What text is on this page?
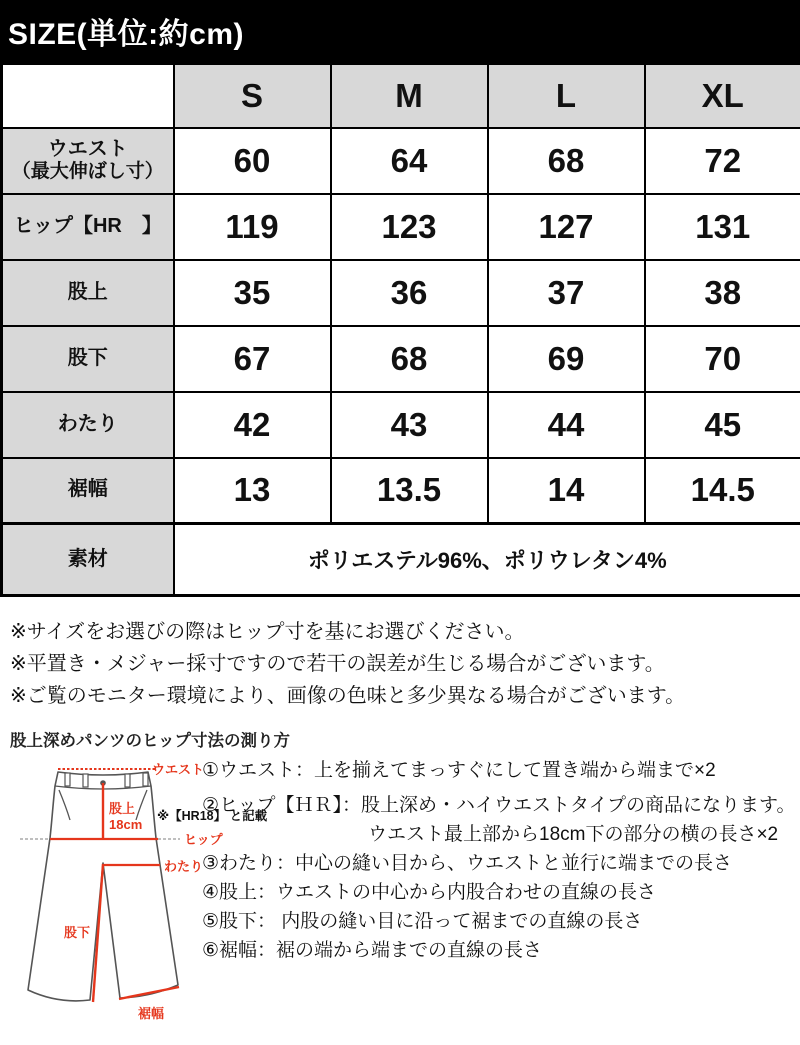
SIZE(単位:約cm)
	S	M	L	XL

ウエスト
（最大伸ばし寸）	60	64	68	72
ヒップ【HR　】	119	123	127	131
股上	35	36	37	38
股下	67	68	69	70
わたり	42	43	44	45
裾幅	13	13.5	14	14.5
素材	ポリエステル96%、ポリウレタン4%			
※サイズをお選びの際はヒップ寸を基にお選びください。
※平置き・メジャー採寸ですので若干の誤差が生じる場合がございます。
※ご覧のモニター環境により、画像の色味と多少異なる場合がございます。
股上深めパンツのヒップ寸法の測り方
ウエスト
股上
18cm
ヒップ
わたり
股下
裾幅
※【HR18】 と記載
①ウエスト：上を揃えてまっすぐにして置き端から端まで×2
②ヒップ【ＨＲ】：股上深め・ハイウエストタイプの商品になります。
ウエスト最上部から18cm下の部分の横の長さ×2
③わたり：中心の縫い目から、ウエストと並行に端までの長さ
④股上：ウエストの中心から内股合わせの直線の長さ
⑤股下： 内股の縫い目に沿って裾までの直線の長さ
⑥裾幅：裾の端から端までの直線の長さ
